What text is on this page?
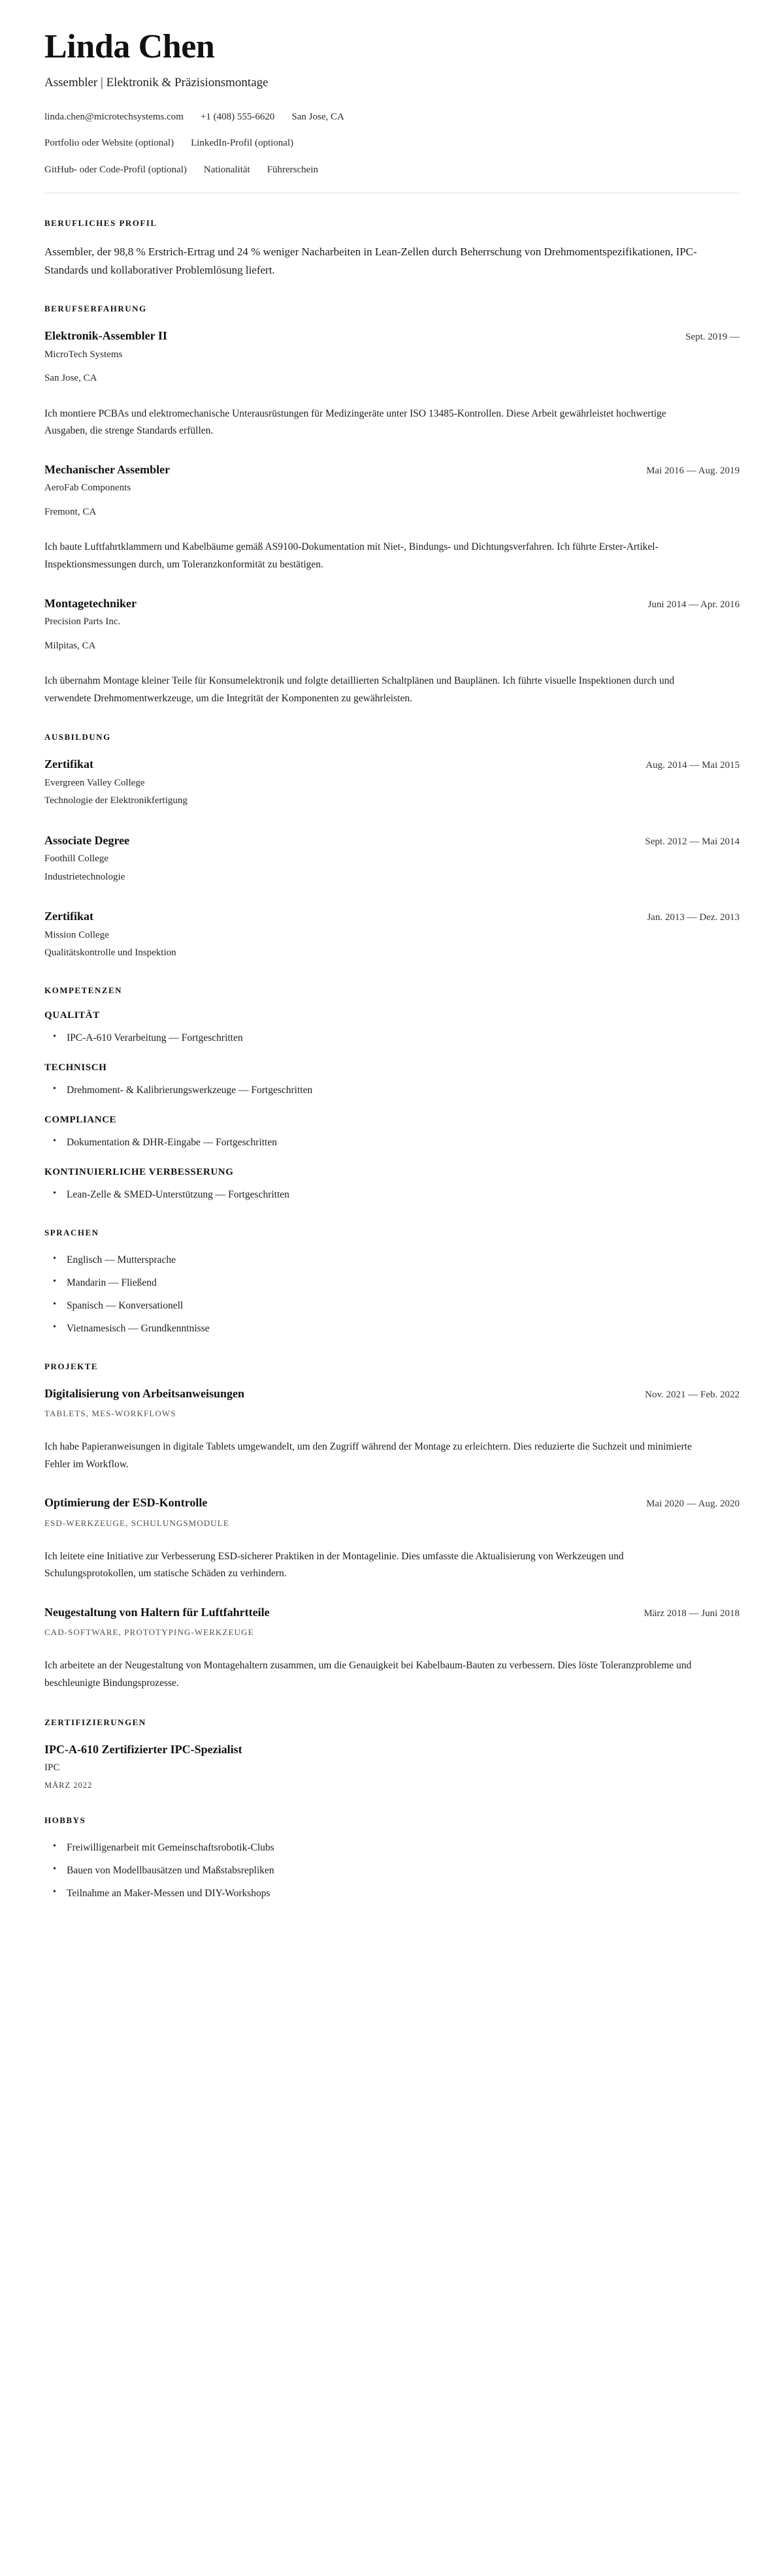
Linda Chen
Assembler | Elektronik & Präzisionsmontage
linda.chen@microtechsystems.com +1 (408) 555-6620 San Jose, CA
Portfolio oder Website (optional) LinkedIn-Profil (optional)
GitHub- oder Code-Profil (optional) Nationalität Führerschein
BERUFLICHES PROFIL

Assembler, der 98,8 % Erstrich-Ertrag und 24 % weniger Nacharbeiten in Lean-Zellen durch Beherrschung von Drehmomentspezifikationen, IPC-Standards und kollaborativer Problemlösung liefert.

BERUFSERFAHRUNG
Elektronik-Assembler II	Sept. 2019 —
MicroTech Systems
San Jose, CA
Ich montiere PCBAs und elektromechanische Unterausrüstungen für Medizingeräte unter ISO 13485-Kontrollen. Diese Arbeit gewährleistet hochwertige Ausgaben, die strenge Standards erfüllen.
Mechanischer Assembler	Mai 2016 — Aug. 2019
AeroFab Components
Fremont, CA
Ich baute Luftfahrtklammern und Kabelbäume gemäß AS9100-Dokumentation mit Niet-, Bindungs- und Dichtungsverfahren. Ich führte Erster-Artikel-Inspektionsmessungen durch, um Toleranzkonformität zu bestätigen.
Montagetechniker	Juni 2014 — Apr. 2016
Precision Parts Inc.
Milpitas, CA
Ich übernahm Montage kleiner Teile für Konsumelektronik und folgte detaillierten Schaltplänen und Bauplänen. Ich führte visuelle Inspektionen durch und verwendete Drehmomentwerkzeuge, um die Integrität der Komponenten zu gewährleisten.
AUSBILDUNG
Zertifikat	Aug. 2014 — Mai 2015
Evergreen Valley College
Technologie der Elektronikfertigung
Associate Degree	Sept. 2012 — Mai 2014
Foothill College
Industrietechnologie
Zertifikat	Jan. 2013 — Dez. 2013
Mission College
Qualitätskontrolle und Inspektion
KOMPETENZEN
QUALITÄT
• IPC-A-610 Verarbeitung — Fortgeschritten
TECHNISCH
• Drehmoment- & Kalibrierungswerkzeuge — Fortgeschritten
COMPLIANCE
• Dokumentation & DHR-Eingabe — Fortgeschritten
KONTINUIERLICHE VERBESSERUNG
• Lean-Zelle & SMED-Unterstützung — Fortgeschritten
SPRACHEN
• Englisch — Muttersprache
• Mandarin — Fließend
• Spanisch — Konversationell
• Vietnamesisch — Grundkenntnisse
PROJEKTE
Digitalisierung von Arbeitsanweisungen	Nov. 2021 — Feb. 2022
TABLETS, MES-WORKFLOWS
Ich habe Papieranweisungen in digitale Tablets umgewandelt, um den Zugriff während der Montage zu erleichtern. Dies reduzierte die Suchzeit und minimierte Fehler im Workflow.
Optimierung der ESD-Kontrolle	Mai 2020 — Aug. 2020
ESD-WERKZEUGE, SCHULUNGSMODULE
Ich leitete eine Initiative zur Verbesserung ESD-sicherer Praktiken in der Montagelinie. Dies umfasste die Aktualisierung von Werkzeugen und Schulungsprotokollen, um statische Schäden zu verhindern.
Neugestaltung von Haltern für Luftfahrtteile	März 2018 — Juni 2018
CAD-SOFTWARE, PROTOTYPING-WERKZEUGE
Ich arbeitete an der Neugestaltung von Montagehaltern zusammen, um die Genauigkeit bei Kabelbaum-Bauten zu verbessern. Dies löste Toleranzprobleme und beschleunigte Bindungsprozesse.
ZERTIFIZIERUNGEN
IPC-A-610 Zertifizierter IPC-Spezialist
IPC
MÄRZ 2022
HOBBYS
• Freiwilligenarbeit mit Gemeinschaftsrobotik-Clubs
• Bauen von Modellbausätzen und Maßstabsrepliken
• Teilnahme an Maker-Messen und DIY-Workshops
